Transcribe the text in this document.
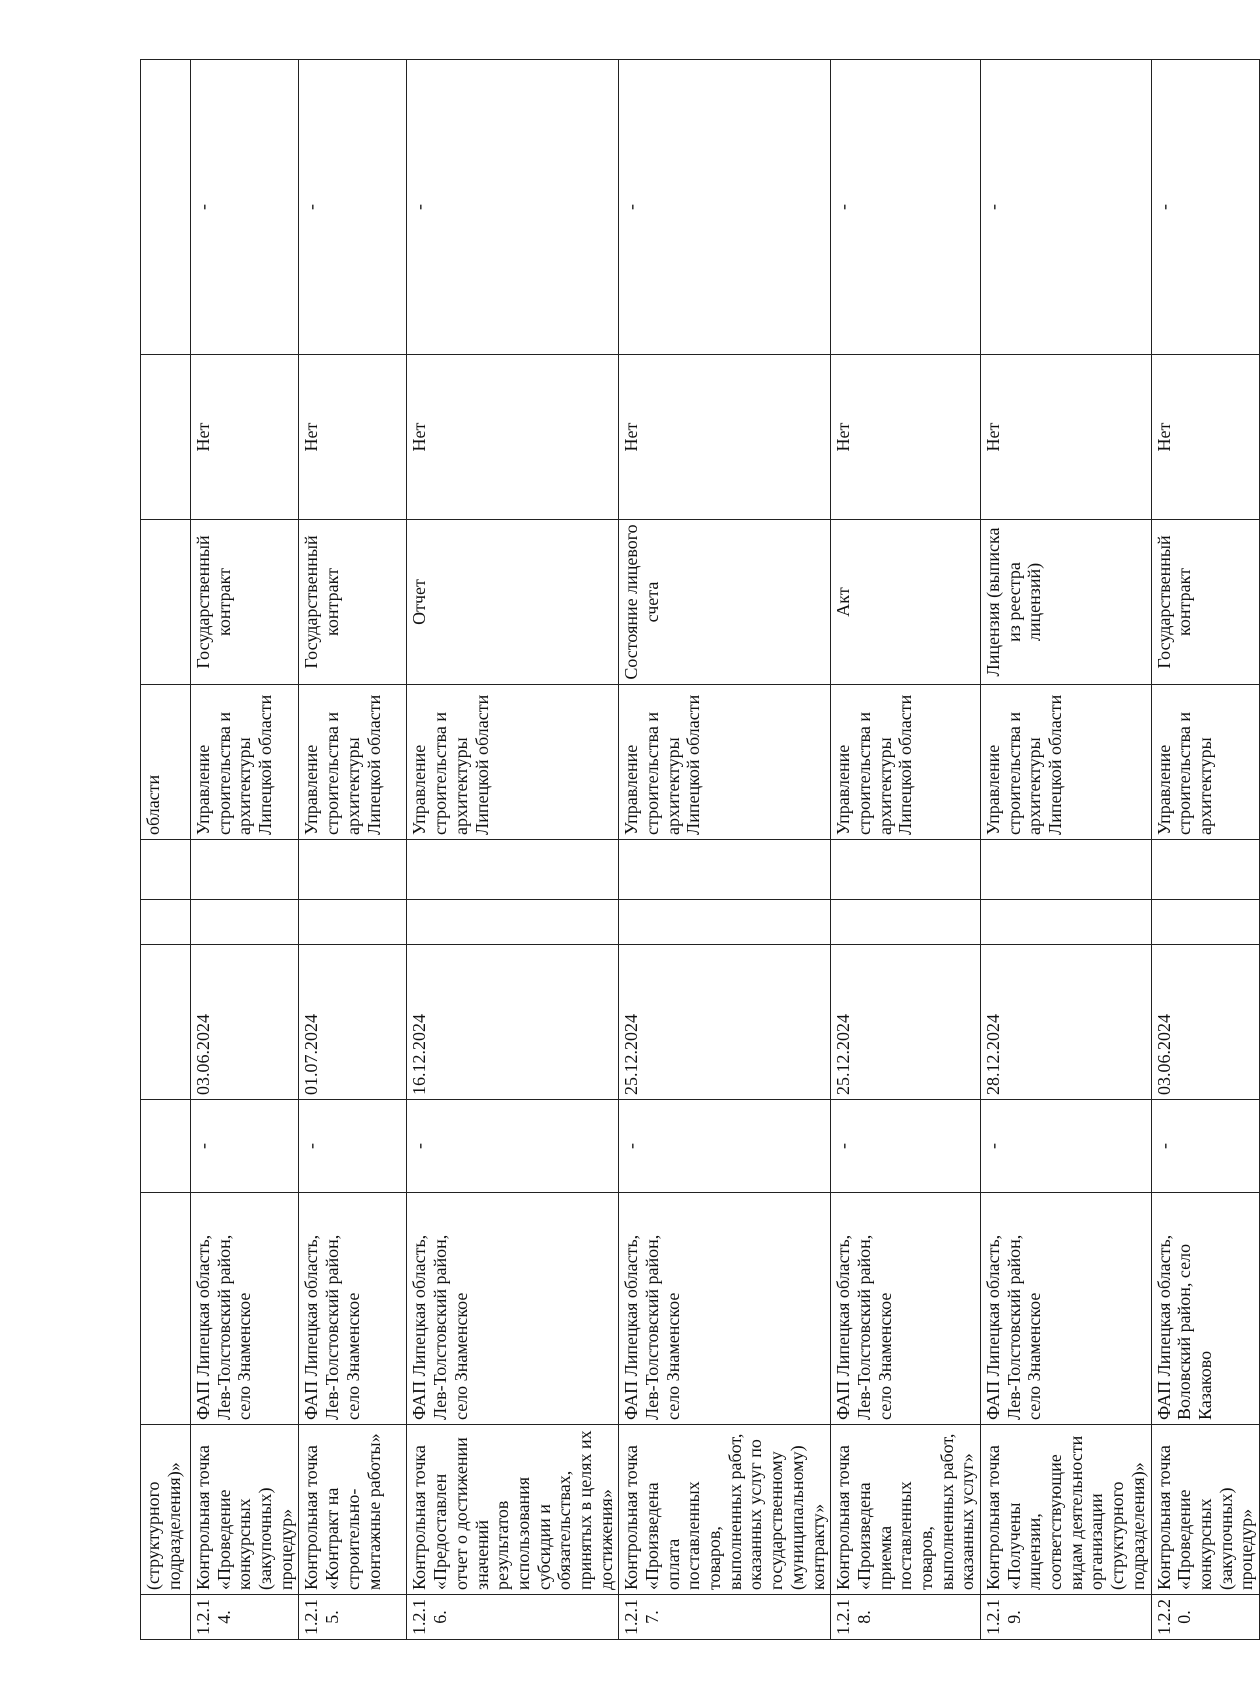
	(структурного подразделения)»						области			
1.2.14.	Контрольная точка «Проведение конкурсных (закупочных) процедур»	ФАП Липецкая область, Лев-Толстовский район, село Знаменское	-	03.06.2024			Управление строительства и архитектуры Липецкой области	Государственный контракт	Нет	-
1.2.15.	Контрольная точка «Контракт на строительно-монтажные работы»	ФАП Липецкая область, Лев-Толстовский район, село Знаменское	-	01.07.2024			Управление строительства и архитектуры Липецкой области	Государственный контракт	Нет	-
1.2.16.	Контрольная точка «Предоставлен отчет о достижении значений результатов использования субсидии и обязательствах, принятых в целях их достижения»	ФАП Липецкая область, Лев-Толстовский район, село Знаменское	-	16.12.2024			Управление строительства и архитектуры Липецкой области	Отчет	Нет	-
1.2.17.	Контрольная точка «Произведена оплата поставленных товаров, выполненных работ, оказанных услуг по государственному (муниципальному) контракту»	ФАП Липецкая область, Лев-Толстовский район, село Знаменское	-	25.12.2024			Управление строительства и архитектуры Липецкой области	Состояние лицевого счета	Нет	-
1.2.18.	Контрольная точка «Произведена приемка поставленных товаров, выполненных работ, оказанных услуг»	ФАП Липецкая область, Лев-Толстовский район, село Знаменское	-	25.12.2024			Управление строительства и архитектуры Липецкой области	Акт	Нет	-
1.2.19.	Контрольная точка «Получены лицензии, соответствующие видам деятельности организации (структурного подразделения)»	ФАП Липецкая область, Лев-Толстовский район, село Знаменское	-	28.12.2024			Управление строительства и архитектуры Липецкой области	Лицензия (выписка из реестра лицензий)	Нет	-
1.2.20.	Контрольная точка «Проведение конкурсных (закупочных) процедур»	ФАП Липецкая область, Воловский район, село Казаково	-	03.06.2024			Управление строительства и архитектуры	Государственный контракт	Нет	-
